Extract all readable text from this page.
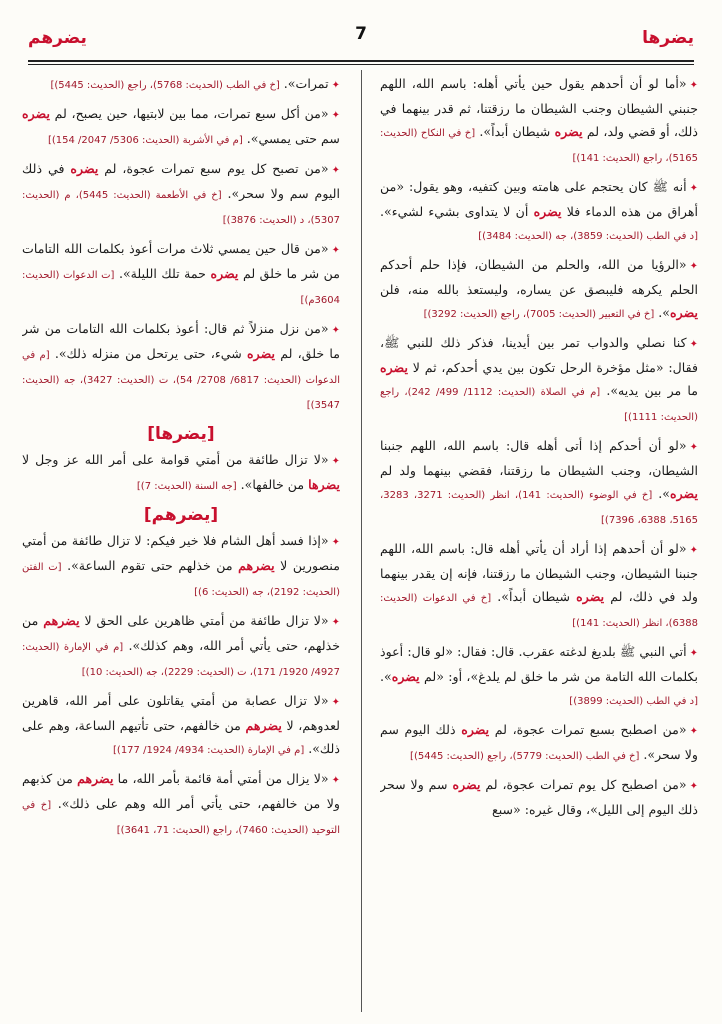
يضرها
7
يضرهم

✦«أما لو أن أحدهم يقول حين يأتي أهله: باسم الله، اللهم جنبني الشيطان وجنب الشيطان ما رزقتنا، ثم قدر بينهما في ذلك، أو قضي ولد، لم يضره شيطان أبداً». [خ في النكاح (الحديث: 5165)، راجع (الحديث: 141)]

✦أنه ﷺ كان يحتجم على هامته وبين كتفيه، وهو يقول: «من أهراق من هذه الدماء فلا يضره أن لا يتداوى بشيء لشيء». [د في الطب (الحديث: 3859)، جه (الحديث: 3484)]

✦«الرؤيا من الله، والحلم من الشيطان، فإذا حلم أحدكم الحلم يكرهه فليبصق عن يساره، وليستعذ بالله منه، فلن يضره». [خ في التعبير (الحديث: 7005)، راجع (الحديث: 3292)]

✦كنا نصلي والدواب تمر بين أيدينا، فذكر ذلك للنبي ﷺ، فقال: «مثل مؤخرة الرحل تكون بين يدي أحدكم، ثم لا يضره ما مر بين يديه». [م في الصلاة (الحديث: 1112/ 499/ 242)، راجع (الحديث: 1111)]

✦«لو أن أحدكم إذا أتى أهله قال: باسم الله، اللهم جنبنا الشيطان، وجنب الشيطان ما رزقتنا، فقضي بينهما ولد لم يضره». [خ في الوضوء (الحديث: 141)، انظر (الحديث: 3271، 3283، 5165، 6388، 7396)]

✦«لو أن أحدهم إذا أراد أن يأتي أهله قال: باسم الله، اللهم جنبنا الشيطان، وجنب الشيطان ما رزقتنا، فإنه إن يقدر بينهما ولد في ذلك، لم يضره شيطان أبداً». [خ في الدعوات (الحديث: 6388)، انظر (الحديث: 141)]

✦أتي النبي ﷺ بلديغ لدغته عقرب. قال: فقال: «لو قال: أعوذ بكلمات الله التامة من شر ما خلق لم يلدغ»، أو: «لم يضره». [د في الطب (الحديث: 3899)]

✦«من اصطبح بسبع تمرات عجوة، لم يضره ذلك اليوم سم ولا سحر». [خ في الطب (الحديث: 5779)، راجع (الحديث: 5445)]

✦«من اصطبح كل يوم تمرات عجوة، لم يضره سم ولا سحر ذلك اليوم إلى الليل»، وقال غيره: «سبع

✦تمرات». [خ في الطب (الحديث: 5768)، راجع (الحديث: 5445)]

✦«من أكل سبع تمرات، مما بين لابتيها، حين يصبح، لم يضره سم حتى يمسي». [م في الأشربة (الحديث: 5306/ 2047/ 154)]

✦«من تصبح كل يوم سبع تمرات عجوة، لم يضره في ذلك اليوم سم ولا سحر». [خ في الأطعمة (الحديث: 5445)، م (الحديث: 5307)، د (الحديث: 3876)]

✦«من قال حين يمسي ثلاث مرات أعوذ بكلمات الله التامات من شر ما خلق لم يضره حمة تلك الليلة». [ت الدعوات (الحديث: 3604م)]

✦«من نزل منزلاً ثم قال: أعوذ بكلمات الله التامات من شر ما خلق، لم يضره شيء، حتى يرتحل من منزله ذلك». [م في الدعوات (الحديث: 6817/ 2708/ 54)، ت (الحديث: 3427)، جه (الحديث: 3547)]

[يضرها]

✦«لا تزال طائفة من أمتي قوامة على أمر الله عز وجل لا يضرها من خالفها». [جه السنة (الحديث: 7)]

[يضرهم]

✦«إذا فسد أهل الشام فلا خير فيكم: لا تزال طائفة من أمتي منصورين لا يضرهم من خذلهم حتى تقوم الساعة». [ت الفتن (الحديث: 2192)، جه (الحديث: 6)]

✦«لا تزال طائفة من أمتي ظاهرين على الحق لا يضرهم من خذلهم، حتى يأتي أمر الله، وهم كذلك». [م في الإمارة (الحديث: 4927/ 1920/ 171)، ت (الحديث: 2229)، جه (الحديث: 10)]

✦«لا تزال عصابة من أمتي يقاتلون على أمر الله، قاهرين لعدوهم، لا يضرهم من خالفهم، حتى تأتيهم الساعة، وهم على ذلك». [م في الإمارة (الحديث: 4934/ 1924/ 177)]

✦«لا يزال من أمتي أمة قائمة بأمر الله، ما يضرهم من كذبهم ولا من خالفهم، حتى يأتي أمر الله وهم على ذلك». [خ في التوحيد (الحديث: 7460)، راجع (الحديث: 71، 3641)]
